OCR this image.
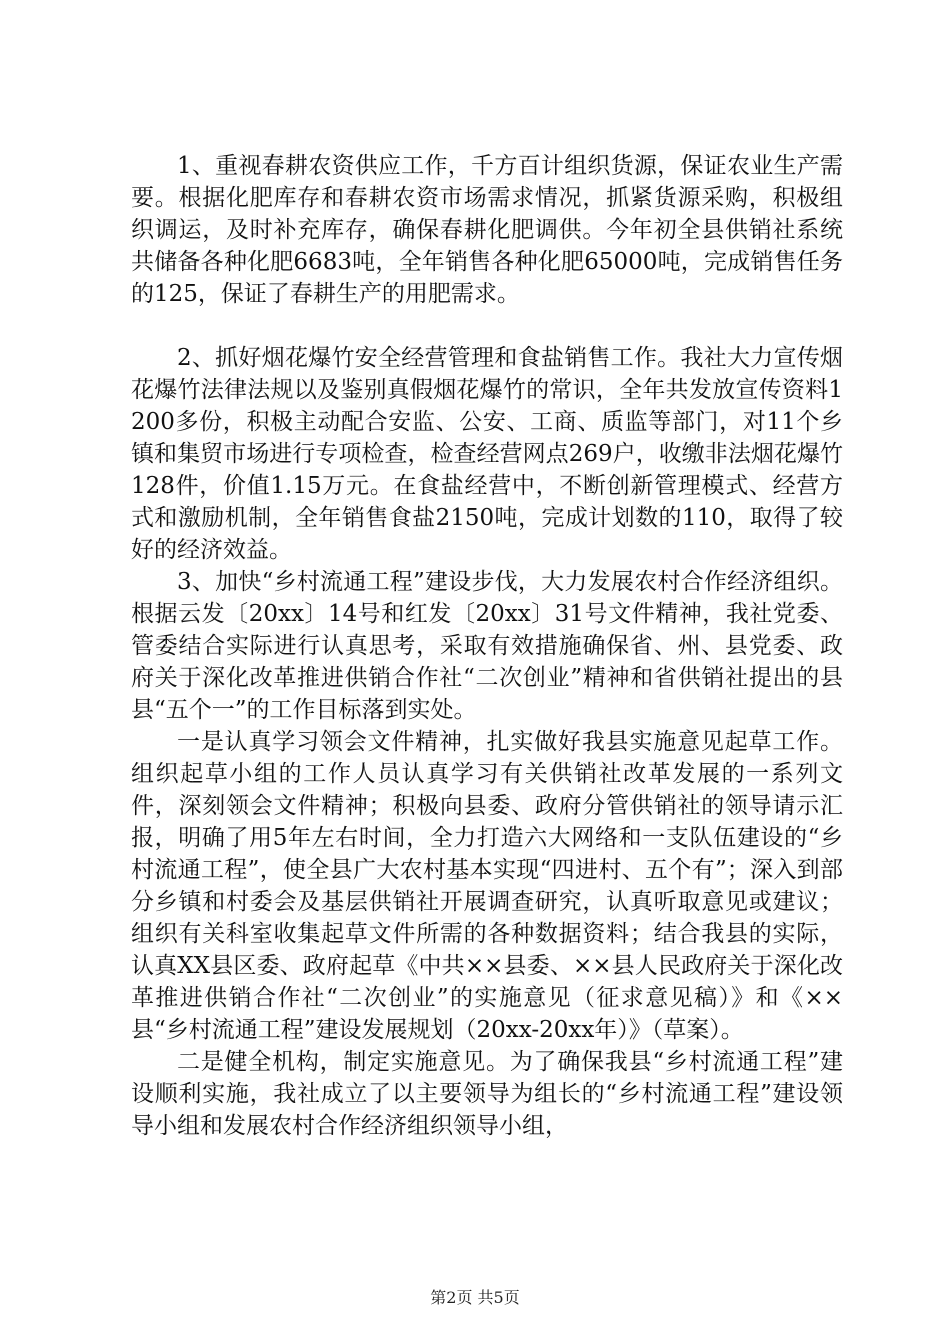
1、重视春耕农资供应工作，千方百计组织货源，保证农业生产需要。根据化肥库存和春耕农资市场需求情况，抓紧货源采购，积极组织调运，及时补充库存，确保春耕化肥调供。今年初全县供销社系统共储备各种化肥6683吨，全年销售各种化肥65000吨，完成销售任务的125，保证了春耕生产的用肥需求。

2、抓好烟花爆竹安全经营管理和食盐销售工作。我社大力宣传烟花爆竹法律法规以及鉴别真假烟花爆竹的常识，全年共发放宣传资料1200多份，积极主动配合安监、公安、工商、质监等部门，对11个乡镇和集贸市场进行专项检查，检查经营网点269户，收缴非法烟花爆竹128件，价值1.15万元。在食盐经营中，不断创新管理模式、经营方式和激励机制，全年销售食盐2150吨，完成计划数的110，取得了较好的经济效益。

3、加快“乡村流通工程”建设步伐，大力发展农村合作经济组织。根据云发〔20xx〕14号和红发〔20xx〕31号文件精神，我社党委、管委结合实际进行认真思考，采取有效措施确保省、州、县党委、政府关于深化改革推进供销合作社“二次创业”精神和省供销社提出的县县“五个一”的工作目标落到实处。

一是认真学习领会文件精神，扎实做好我县实施意见起草工作。组织起草小组的工作人员认真学习有关供销社改革发展的一系列文件，深刻领会文件精神；积极向县委、政府分管供销社的领导请示汇报，明确了用5年左右时间，全力打造六大网络和一支队伍建设的“乡村流通工程”，使全县广大农村基本实现“四进村、五个有”；深入到部分乡镇和村委会及基层供销社开展调查研究，认真听取意见或建议；组织有关科室收集起草文件所需的各种数据资料；结合我县的实际，认真XX县区委、政府起草《中共××县委、××县人民政府关于深化改革推进供销合作社“二次创业”的实施意见（征求意见稿）》和《××县“乡村流通工程”建设发展规划（20xx-20xx年）》（草案）。

二是健全机构，制定实施意见。为了确保我县“乡村流通工程”建设顺利实施，我社成立了以主要领导为组长的“乡村流通工程”建设领导小组和发展农村合作经济组织领导小组，

第2页 共5页
